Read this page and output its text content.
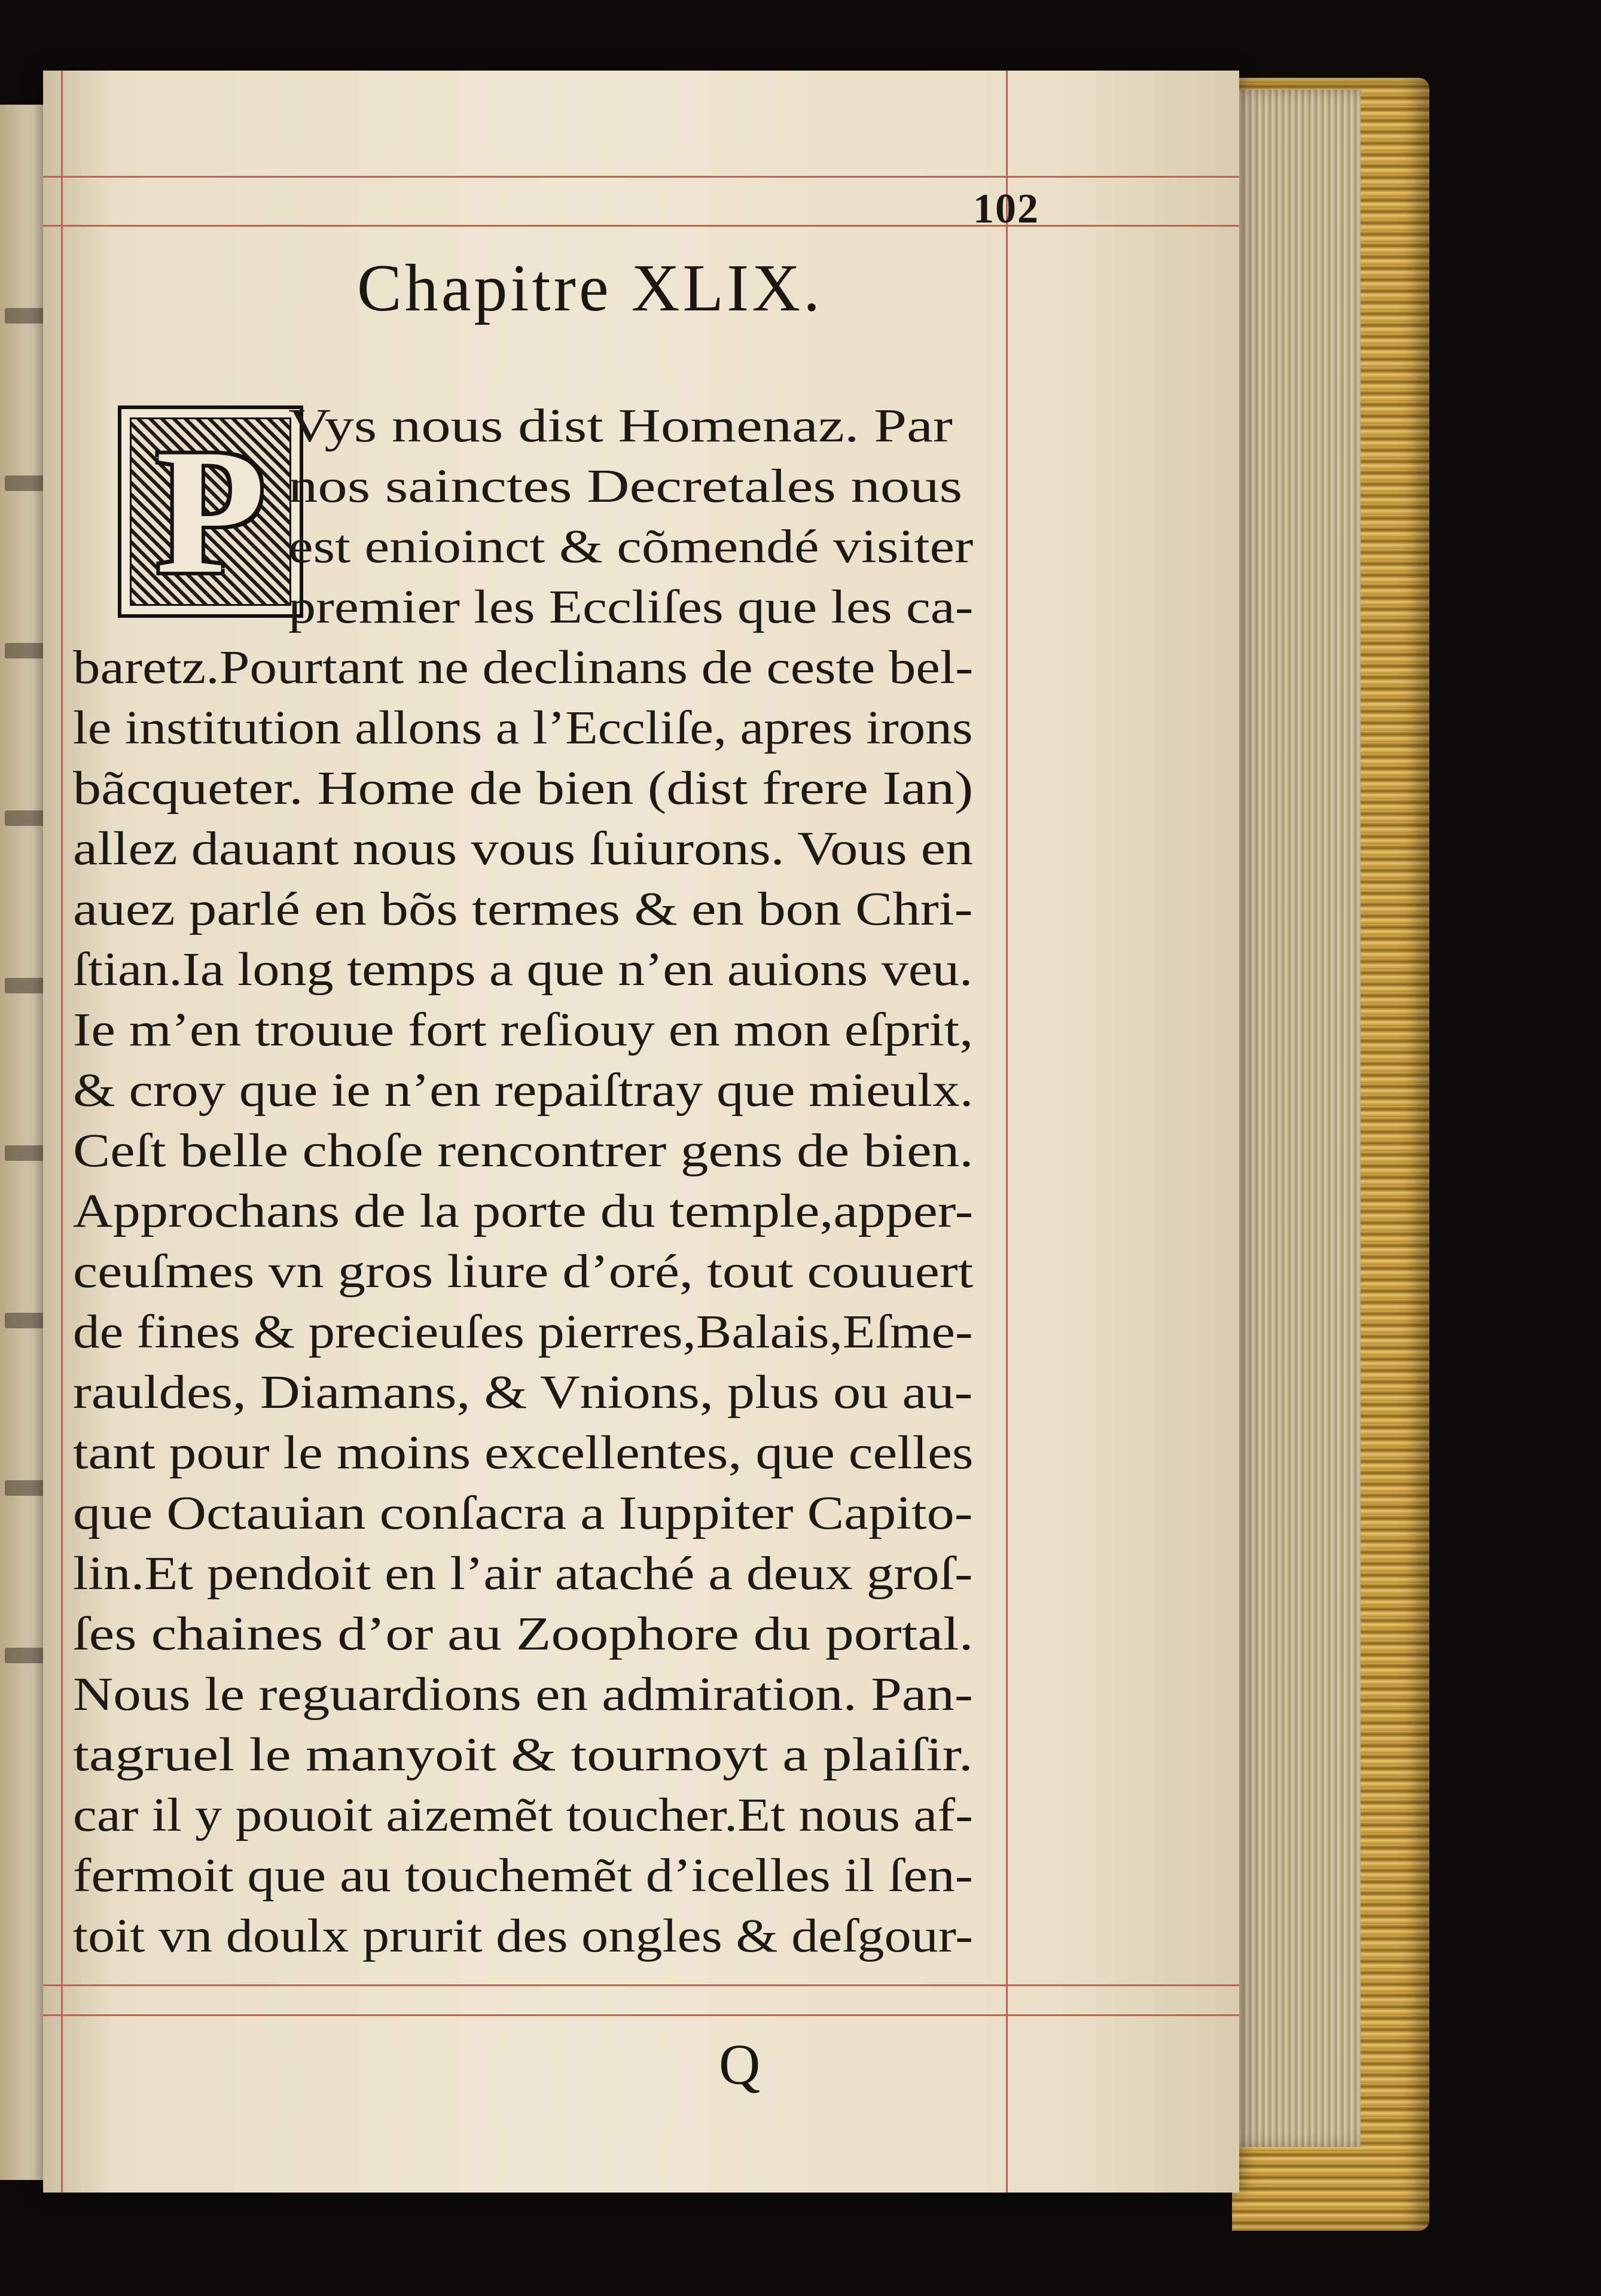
102
Chapitre XLIX.
P Vys nous dist Homenaz. Par
nos sainctes Decretales nous
est enioinct & cõmendé visiter
premier les Eccliſes que les ca-
baretz.Pourtant ne declinans de ceste bel-
le institution allons a l’Eccliſe, apres irons
bãcqueter. Home de bien (dist frere Ian)
allez dauant nous vous ſuiurons. Vous en
auez parlé en bõs termes & en bon Chri-
ſtian.Ia long temps a que n’en auions veu.
Ie m’en trouue fort reſiouy en mon eſprit,
& croy que ie n’en repaiſtray que mieulx.
Ceſt belle choſe rencontrer gens de bien.
Approchans de la porte du temple,apper-
ceuſmes vn gros liure d’oré, tout couuert
de fines & precieuſes pierres,Balais,Eſme-
rauldes, Diamans, & Vnions, plus ou au-
tant pour le moins excellentes, que celles
que Octauian conſacra a Iuppiter Capito-
lin.Et pendoit en l’air ataché a deux groſ-
ſes chaines d’or au Zoophore du portal.
Nous le reguardions en admiration. Pan-
tagruel le manyoit & tournoyt a plaiſir.
car il y pouoit aizemẽt toucher.Et nous af-
fermoit que au touchemẽt d’icelles il ſen-
toit vn doulx prurit des ongles & deſgour-
Q
